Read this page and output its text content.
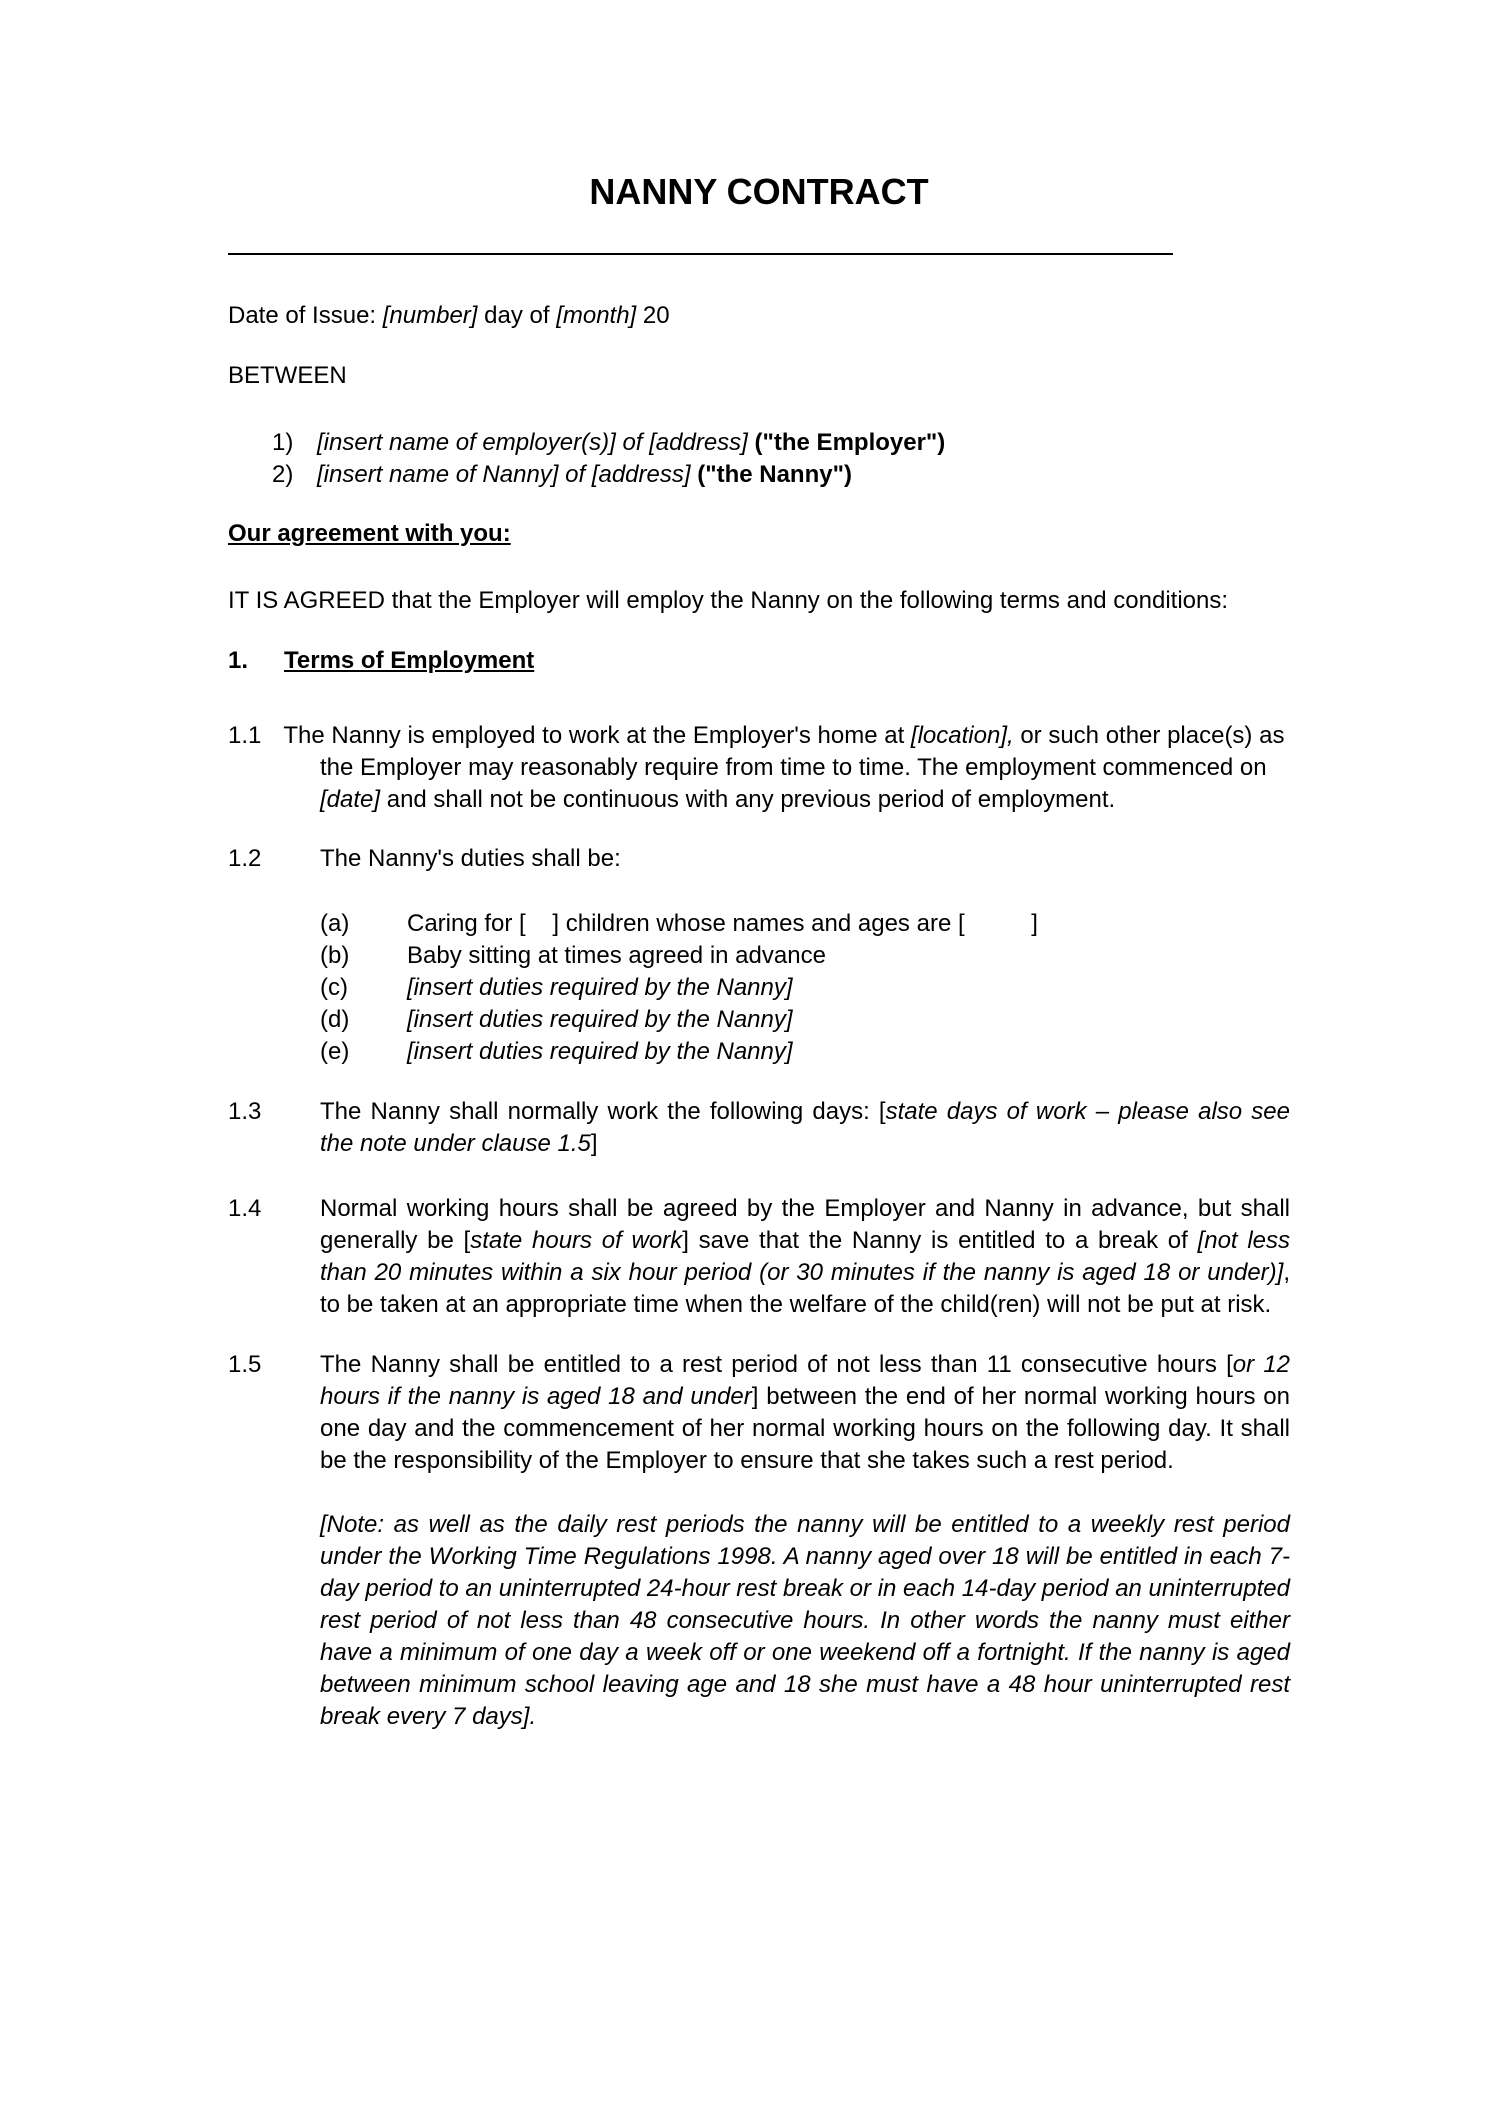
NANNY CONTRACT

Date of Issue: [number] day of [month] 20

BETWEEN

1) [insert name of employer(s)] of [address] ("the Employer")
2) [insert name of Nanny] of [address] ("the Nanny")

Our agreement with you:

IT IS AGREED that the Employer will employ the Nanny on the following terms and conditions:

1.	Terms of Employment

1.1 The Nanny is employed to work at the Employer's home at [location], or such other place(s) as the Employer may reasonably require from time to time. The employment commenced on [date] and shall not be continuous with any previous period of employment.

1.2	The Nanny's duties shall be:
(a)	Caring for [    ] children whose names and ages are [          ]
(b)	Baby sitting at times agreed in advance
(c)	[insert duties required by the Nanny]
(d)	[insert duties required by the Nanny]
(e)	[insert duties required by the Nanny]
1.3	The Nanny shall normally work the following days: [state days of work – please also see the note under clause 1.5]
1.4	Normal working hours shall be agreed by the Employer and Nanny in advance, but shall generally be [state hours of work] save that the Nanny is entitled to a break of [not less than 20 minutes within a six hour period (or 30 minutes if the nanny is aged 18 or under)], to be taken at an appropriate time when the welfare of the child(ren) will not be put at risk.
1.5	The Nanny shall be entitled to a rest period of not less than 11 consecutive hours [or 12 hours if the nanny is aged 18 and under] between the end of her normal working hours on one day and the commencement of her normal working hours on the following day. It shall be the responsibility of the Employer to ensure that she takes such a rest period.

[Note: as well as the daily rest periods the nanny will be entitled to a weekly rest period under the Working Time Regulations 1998. A nanny aged over 18 will be entitled in each 7-day period to an uninterrupted 24-hour rest break or in each 14-day period an uninterrupted rest period of not less than 48 consecutive hours. In other words the nanny must either have a minimum of one day a week off or one weekend off a fortnight. If the nanny is aged between minimum school leaving age and 18 she must have a 48 hour uninterrupted rest break every 7 days].
